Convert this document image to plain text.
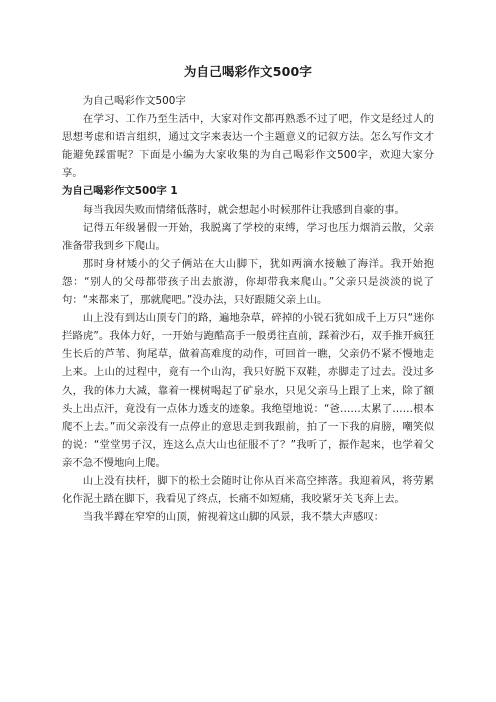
为自己喝彩作文500字

为自己喝彩作文500字

在学习、工作乃至生活中，大家对作文都再熟悉不过了吧，作文是经过人的思想考虑和语言组织，通过文字来表达一个主题意义的记叙方法。怎么写作文才能避免踩雷呢？下面是小编为大家收集的为自己喝彩作文500字，欢迎大家分享。

为自己喝彩作文500字 1

每当我因失败而情绪低落时，就会想起小时候那件让我感到自豪的事。

记得五年级暑假一开始，我脱离了学校的束缚，学习也压力烟消云散，父亲准备带我到乡下爬山。

那时身材矮小的父子俩站在大山脚下，犹如两滴水接触了海洋。我开始抱怨：“别人的父母都带孩子出去旅游，你却带我来爬山。”父亲只是淡淡的说了句：“来都来了，那就爬吧。”没办法，只好跟随父亲上山。

山上没有到达山顶专门的路，遍地杂草，碎掉的小锐石犹如成千上万只“迷你拦路虎”。我体力好，一开始与跑酷高手一般勇往直前，踩着沙石，双手推开疯狂生长后的芦苇、狗尾草，做着高难度的动作，可回首一瞧，父亲仍不紧不慢地走上来。上山的过程中，竟有一个山沟，我只好脱下双鞋，赤脚走了过去。没过多久，我的体力大减，靠着一棵树喝起了矿泉水，只见父亲马上跟了上来，除了额头上出点汗，竟没有一点体力透支的迹象。我绝望地说：“爸……太累了……根本爬不上去。”而父亲没有一点停止的意思走到我跟前，拍了一下我的肩膀，嘲笑似的说：“堂堂男子汉，连这么点大山也征服不了？”我听了，振作起来，也学着父亲不急不慢地向上爬。

山上没有扶杆，脚下的松土会随时让你从百米高空摔落。我迎着风，将劳累化作泥土踏在脚下，我看见了终点，长痛不如短痛，我咬紧牙关飞奔上去。

当我半蹲在窄窄的山顶，俯视着这山脚的风景，我不禁大声感叹：
